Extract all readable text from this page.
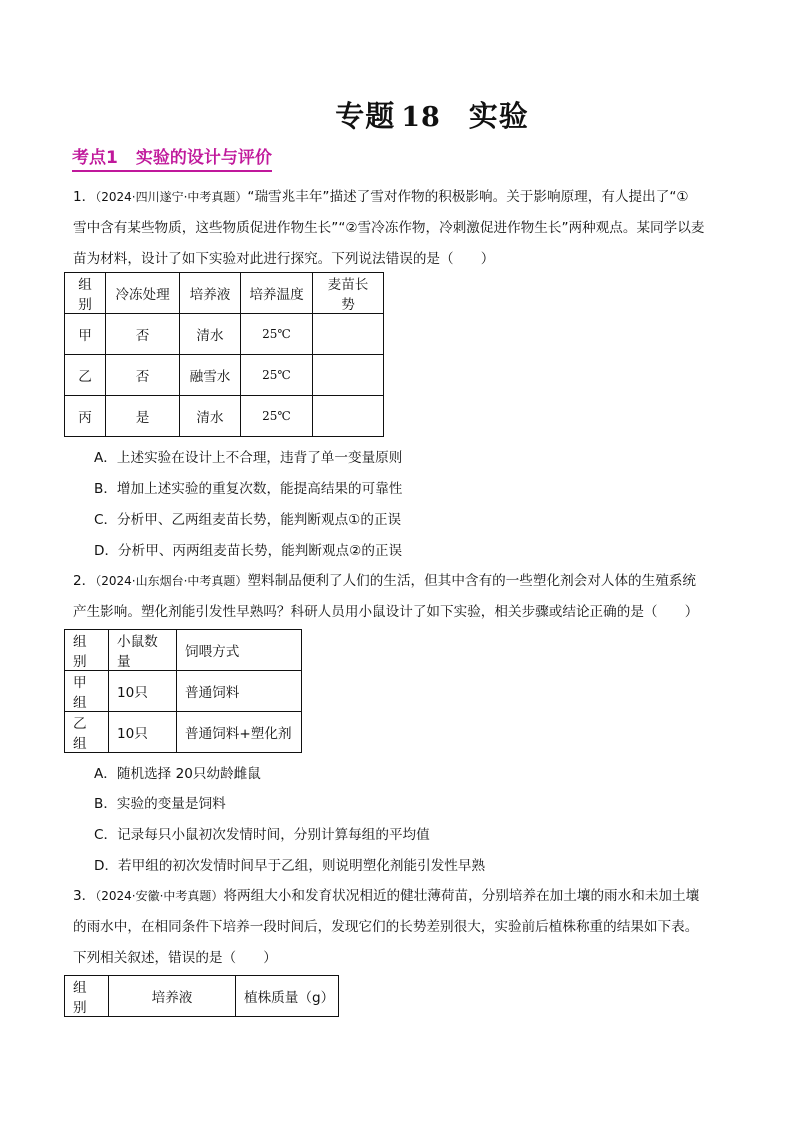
专题 18 实验
考点1 实验的设计与评价
1．（2024·四川遂宁·中考真题）“瑞雪兆丰年”描述了雪对作物的积极影响。关于影响原理，有人提出了“①
雪中含有某些物质，这些物质促进作物生长”“②雪冷冻作物，冷刺激促进作物生长”两种观点。某同学以麦
苗为材料，设计了如下实验对此进行探究。下列说法错误的是（　　）
组别	冷冻处理	培养液	培养温度	麦苗长势
甲	否	清水	25℃	
乙	否	融雪水	25℃	
丙	是	清水	25℃	
A．上述实验在设计上不合理，违背了单一变量原则
B．增加上述实验的重复次数，能提高结果的可靠性
C．分析甲、乙两组麦苗长势，能判断观点①的正误
D．分析甲、丙两组麦苗长势，能判断观点②的正误
2．（2024·山东烟台·中考真题）塑料制品便利了人们的生活，但其中含有的一些塑化剂会对人体的生殖系统
产生影响。塑化剂能引发性早熟吗？科研人员用小鼠设计了如下实验，相关步骤或结论正确的是（　　）
组别	小鼠数量	饲喂方式
甲组	10只	普通饲料
乙组	10只	普通饲料+塑化剂
A．随机选择 20只幼龄雌鼠
B．实验的变量是饲料
C．记录每只小鼠初次发情时间，分别计算每组的平均值
D．若甲组的初次发情时间早于乙组，则说明塑化剂能引发性早熟
3．（2024·安徽·中考真题）将两组大小和发育状况相近的健壮薄荷苗，分别培养在加土壤的雨水和未加土壤
的雨水中，在相同条件下培养一段时间后，发现它们的长势差别很大，实验前后植株称重的结果如下表。
下列相关叙述，错误的是（　　）
组别	培养液	植株质量（g）
